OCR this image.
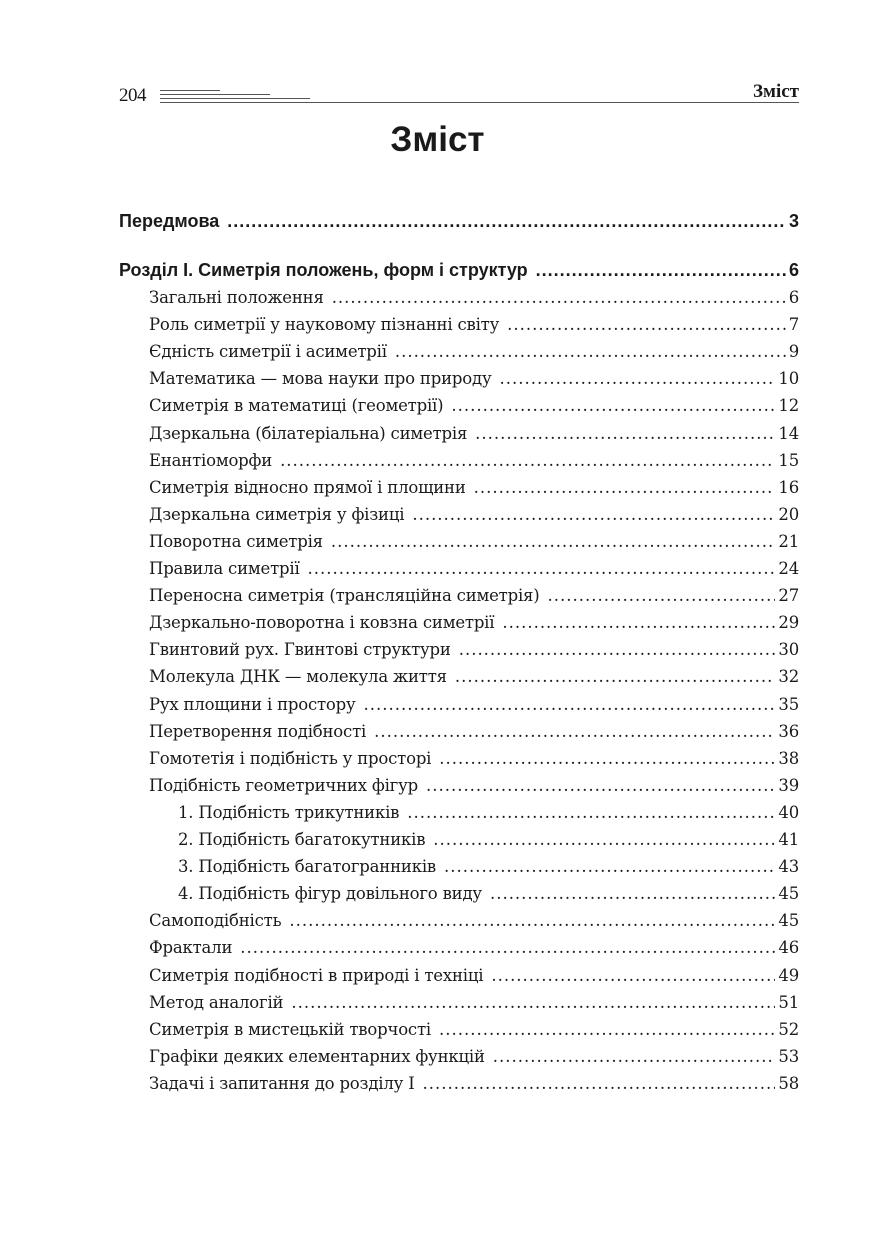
204	Зміст
Зміст
Передмова .....	3
Розділ І. Симетрія положень, форм і структур .....	6
Загальні положення .....	6
Роль симетрії у науковому пізнанні світу .....	7
Єдність симетрії і асиметрії .....	9
Математика — мова науки про природу .....	10
Симетрія в математиці (геометрії) .....	12
Дзеркальна (білатеріальна) симетрія .....	14
Енантіоморфи .....	15
Симетрія відносно прямої і площини .....	16
Дзеркальна симетрія у фізиці .....	20
Поворотна симетрія .....	21
Правила симетрії .....	24
Переносна симетрія (трансляційна симетрія) .....	27
Дзеркально-поворотна і ковзна симетрії .....	29
Гвинтовий рух. Гвинтові структури .....	30
Молекула ДНК — молекула життя .....	32
Рух площини і простору .....	35
Перетворення подібності .....	36
Гомотетія і подібність у просторі .....	38
Подібність геометричних фігур .....	39
1. Подібність трикутників .....	40
2. Подібність багатокутників .....	41
3. Подібність багатогранників .....	43
4. Подібність фігур довільного виду .....	45
Самоподібність .....	45
Фрактали .....	46
Симетрія подібності в природі і техніці .....	49
Метод аналогій .....	51
Симетрія в мистецькій творчості .....	52
Графіки деяких елементарних функцій .....	53
Задачі і запитання до розділу І .....	58
